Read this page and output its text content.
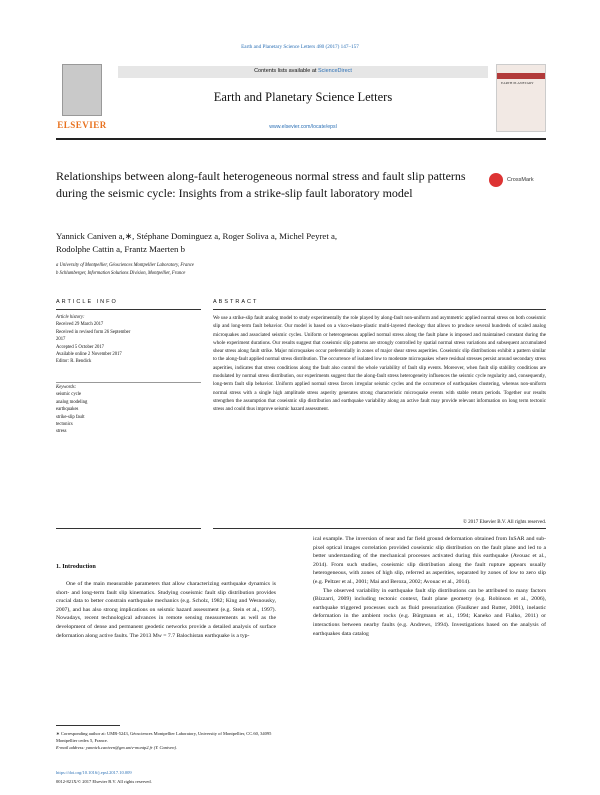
Earth and Planetary Science Letters 480 (2017) 147–157
ELSEVIER
Contents lists available at ScienceDirect
Earth and Planetary Science Letters
www.elsevier.com/locate/epsl
EARTH PLANETARY
Relationships between along-fault heterogeneous normal stress and fault slip patterns during the seismic cycle: Insights from a strike-slip fault laboratory model
CrossMark
Yannick Caniven a,∗, Stéphane Dominguez a, Roger Soliva a, Michel Peyret a,
Rodolphe Cattin a, Frantz Maerten b
a University of Montpellier, Géosciences Montpellier Laboratory, France
b Schlumberger, Information Solutions Division, Montpellier, France
ARTICLE INFO	ABSTRACT
Article history:
Received 29 March 2017
Received in revised form 26 September
2017
Accepted 5 October 2017
Available online 2 November 2017
Editor: R. Bendick
Keywords:
seismic cycle
analog modeling
earthquakes
strike-slip fault
tectonics
stress
We use a strike-slip fault analog model to study experimentally the role played by along-fault non-uniform and asymmetric applied normal stress on both coseismic slip and long-term fault behavior. Our model is based on a visco-elasto-plastic multi-layered rheology that allows to produce several hundreds of scaled analog microquakes and associated seismic cycles. Uniform or heterogeneous applied normal stress along the fault plane is imposed and maintained constant during the whole experiment durations. Our results suggest that coseismic slip patterns are strongly controlled by spatial normal stress variations and subsequent accumulated shear stress along fault strike. Major microquakes occur preferentially in zones of major shear stress asperities. Coseismic slip distributions exhibit a pattern similar to the along-fault applied normal stress distribution. The occurrence of isolated low to moderate microquakes where residual stresses persist around secondary stress asperities, indicates that stress conditions along the fault also control the whole variability of fault slip events. Moreover, when fault slip stability conditions are modulated by normal stress distribution, our experiments suggest that the along-fault stress heterogeneity influences the seismic cycle regularity and, consequently, long-term fault slip behavior. Uniform applied normal stress favors irregular seismic cycles and the occurrence of earthquakes clustering, whereas non-uniform normal stress with a single high amplitude stress asperity generates strong characteristic microquake events with stable return periods. Together our results strengthen the assumption that coseismic slip distribution and earthquake variability along an active fault may provide relevant information on long term tectonic stress and could thus improve seismic hazard assessment.
© 2017 Elsevier B.V. All rights reserved.
1. Introduction
One of the main measurable parameters that allow characterizing earthquake dynamics is short- and long-term fault slip kinematics. Studying coseismic fault slip distribution provides crucial data to better constrain earthquake mechanics (e.g. Scholz, 1982; King and Wesnousky, 2007), and has also strong implications on seismic hazard assessment (e.g. Stein et al., 1997). Nowadays, recent technological advances in remote sensing measurements as well as the development of dense and permanent geodetic networks provide a detailed analysis of surface deformation along active faults. The 2013 Mw = 7.7 Balochistan earthquake is a typ-

ical example. The inversion of near and far field ground deformation obtained from InSAR and sub-pixel optical images correlation provided coseismic slip distribution on the fault plane and led to a better understanding of the mechanical processes activated during this earthquake (Avouac et al., 2014). From such studies, coseismic slip distribution along the fault rupture appears usually heterogeneous, with zones of high slip, referred as asperities, separated by zones of low to zero slip (e.g. Peltzer et al., 2001; Mai and Beroza, 2002; Avouac et al., 2014).

The observed variability in earthquake fault slip distributions can be attributed to many factors (Bizzarri, 2009) including tectonic context, fault plane geometry (e.g. Robinson et al., 2006), earthquake triggered processes such as fluid pressurization (Faulkner and Rutter, 2001), inelastic deformation in the ambient rocks (e.g. Bürgmann et al., 1994; Kaneko and Fialko, 2011) or interactions between nearby faults (e.g. Andrews, 1994). Investigations based on the analysis of earthquakes data catalog

∗ Corresponding author at: UMR-5243, Géosciences Montpellier Laboratory, University of Montpellier, CC.60, 34095 Montpellier cedex 5, France.
E-mail address: yannick.caniven@gm.univ-montp2.fr (Y. Caniven).
https://doi.org/10.1016/j.epsl.2017.10.009
0012-821X/© 2017 Elsevier B.V. All rights reserved.
